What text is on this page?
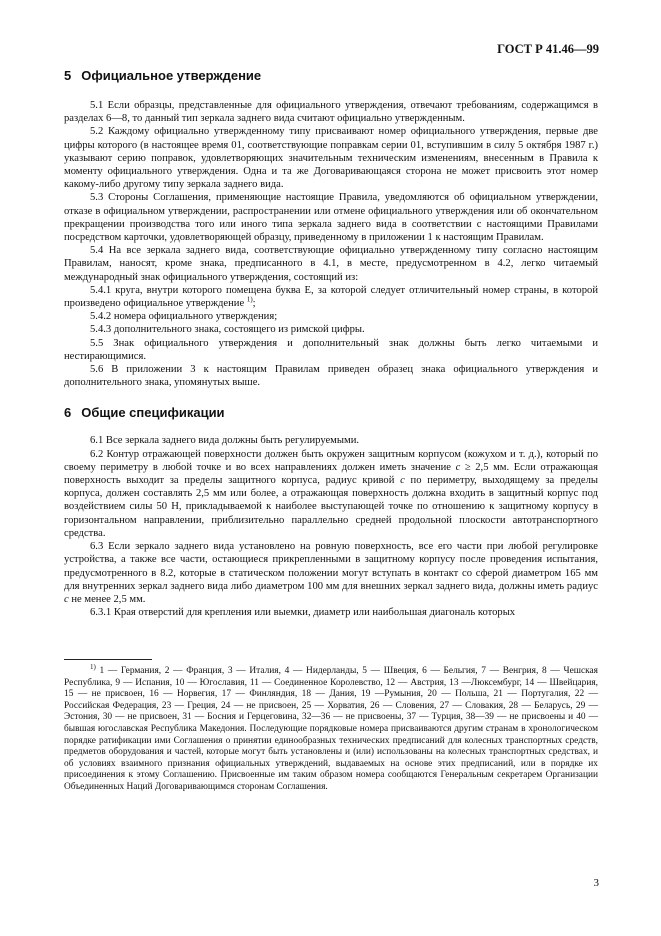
ГОСТ Р 41.46—99
5 Официальное утверждение

5.1 Если образцы, представленные для официального утверждения, отвечают требованиям, содержащимся в разделах 6—8, то данный тип зеркала заднего вида считают официально утвержденным.

5.2 Каждому официально утвержденному типу присваивают номер официального утверждения, первые две цифры которого (в настоящее время 01, соответствующие поправкам серии 01, вступившим в силу 5 октября 1987 г.) указывают серию поправок, удовлетворяющих значительным техническим изменениям, внесенным в Правила к моменту официального утверждения. Одна и та же Договаривающаяся сторона не может присвоить этот номер какому-либо другому типу зеркала заднего вида.

5.3 Стороны Соглашения, применяющие настоящие Правила, уведомляются об официальном утверждении, отказе в официальном утверждении, распространении или отмене официального утверждения или об окончательном прекращении производства того или иного типа зеркала заднего вида в соответствии с настоящими Правилами посредством карточки, удовлетворяющей образцу, приведенному в приложении 1 к настоящим Правилам.

5.4 На все зеркала заднего вида, соответствующие официально утвержденному типу согласно настоящим Правилам, наносят, кроме знака, предписанного в 4.1, в месте, предусмотренном в 4.2, легко читаемый международный знак официального утверждения, состоящий из:

5.4.1 круга, внутри которого помещена буква E, за которой следует отличительный номер страны, в которой произведено официальное утверждение $^{1)}$;

5.4.2 номера официального утверждения;

5.4.3 дополнительного знака, состоящего из римской цифры.

5.5 Знак официального утверждения и дополнительный знак должны быть легко читаемыми и нестирающимися.

5.6 В приложении 3 к настоящим Правилам приведен образец знака официального утверждения и дополнительного знака, упомянутых выше.

6 Общие спецификации

6.1 Все зеркала заднего вида должны быть регулируемыми.

6.2 Контур отражающей поверхности должен быть окружен защитным корпусом (кожухом и т. д.), который по своему периметру в любой точке и во всех направлениях должен иметь значение c ≥ 2,5 мм. Если отражающая поверхность выходит за пределы защитного корпуса, радиус кривой c по периметру, выходящему за пределы корпуса, должен составлять 2,5 мм или более, а отражающая поверхность должна входить в защитный корпус под воздействием силы 50 Н, прикладываемой к наиболее выступающей точке по отношению к защитному корпусу в горизонтальном направлении, приблизительно параллельно средней продольной плоскости автотранспортного средства.

6.3 Если зеркало заднего вида установлено на ровную поверхность, все его части при любой регулировке устройства, а также все части, остающиеся прикрепленными в защитному корпусу после проведения испытания, предусмотренного в 8.2, которые в статическом положении могут вступать в контакт со сферой диаметром 165 мм для внутренних зеркал заднего вида либо диаметром 100 мм для внешних зеркал заднего вида, должны иметь радиус c не менее 2,5 мм.

6.3.1 Края отверстий для крепления или выемки, диаметр или наибольшая диагональ которых

$^{1)}$ 1 — Германия, 2 — Франция, 3 — Италия, 4 — Нидерланды, 5 — Швеция, 6 — Бельгия, 7 — Венгрия, 8 — Чешская Республика, 9 — Испания, 10 — Югославия, 11 — Соединенное Королевство, 12 — Австрия, 13 —Люксембург, 14 — Швейцария, 15 — не присвоен, 16 — Норвегия, 17 — Финляндия, 18 — Дания, 19 —Румыния, 20 — Польша, 21 — Португалия, 22 — Российская Федерация, 23 — Греция, 24 — не присвоен, 25 — Хорватия, 26 — Словения, 27 — Словакия, 28 — Беларусь, 29 — Эстония, 30 — не присвоен, 31 — Босния и Герцеговина, 32—36 — не присвоены, 37 — Турция, 38—39 — не присвоены и 40 — бывшая югославская Республика Македония. Последующие порядковые номера присваиваются другим странам в хронологическом порядке ратификации ими Соглашения о принятии единообразных технических предписаний для колесных транспортных средств, предметов оборудования и частей, которые могут быть установлены и (или) использованы на колесных транспортных средствах, и об условиях взаимного признания официальных утверждений, выдаваемых на основе этих предписаний, или в порядке их присоединения к этому Соглашению. Присвоенные им таким образом номера сообщаются Генеральным секретарем Организации Объединенных Наций Договаривающимся сторонам Соглашения.

3
